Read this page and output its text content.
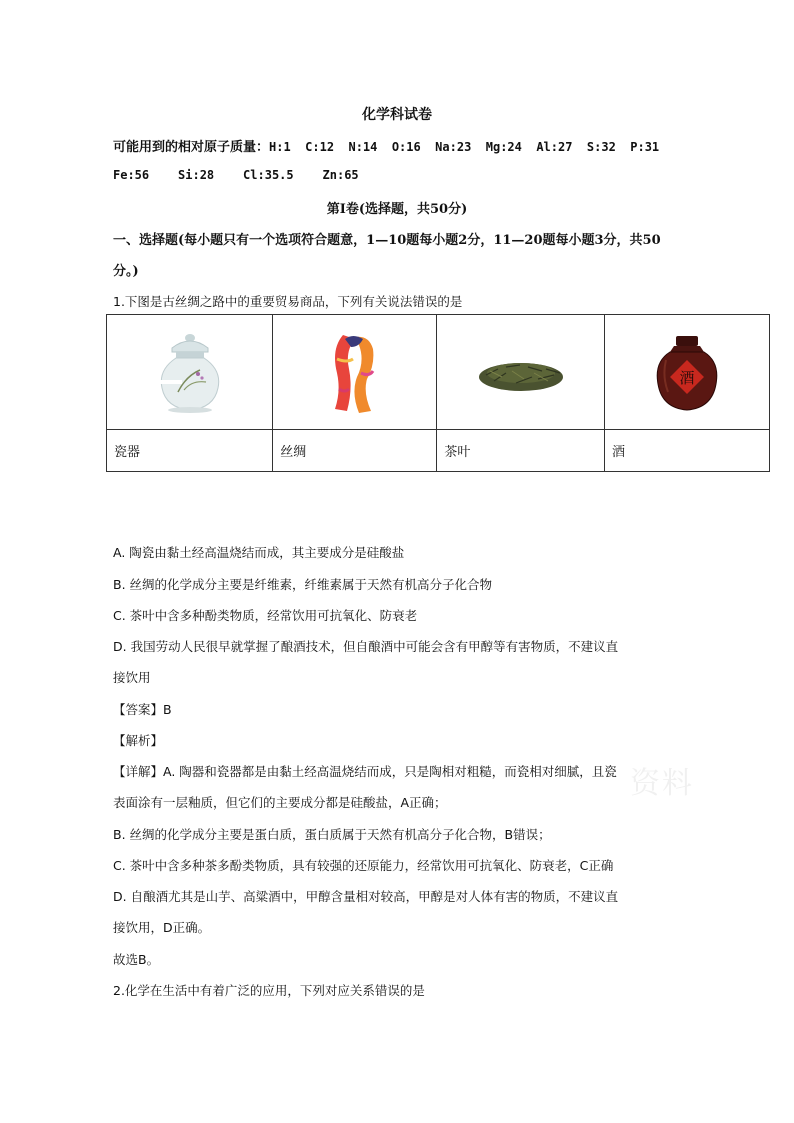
化学科试卷
可能用到的相对原子质量：H:1  C:12  N:14  O:16  Na:23  Mg:24  Al:27  S:32  P:31
Fe:56    Si:28    Cl:35.5    Zn:65
第Ⅰ卷(选择题，共50分)
一、选择题(每小题只有一个选项符合题意，1—10题每小题2分，11—20题每小题3分，共50
分。)
1.下图是古丝绸之路中的重要贸易商品，下列有关说法错误的是

酒

瓷器	丝绸	茶叶	酒
A. 陶瓷由黏土经高温烧结而成，其主要成分是硅酸盐
B. 丝绸的化学成分主要是纤维素，纤维素属于天然有机高分子化合物
C. 茶叶中含多种酚类物质，经常饮用可抗氧化、防衰老
D. 我国劳动人民很早就掌握了酿酒技术，但自酿酒中可能会含有甲醇等有害物质，不建议直
接饮用
【答案】B
【解析】
资料
【详解】A. 陶器和瓷器都是由黏土经高温烧结而成，只是陶相对粗糙，而瓷相对细腻，且瓷
表面涂有一层釉质，但它们的主要成分都是硅酸盐，A正确；
B. 丝绸的化学成分主要是蛋白质，蛋白质属于天然有机高分子化合物，B错误；
C. 茶叶中含多种茶多酚类物质，具有较强的还原能力，经常饮用可抗氧化、防衰老，C正确
D. 自酿酒尤其是山芋、高粱酒中，甲醇含量相对较高，甲醇是对人体有害的物质，不建议直
接饮用，D正确。
故选B。
2.化学在生活中有着广泛的应用，下列对应关系错误的是
